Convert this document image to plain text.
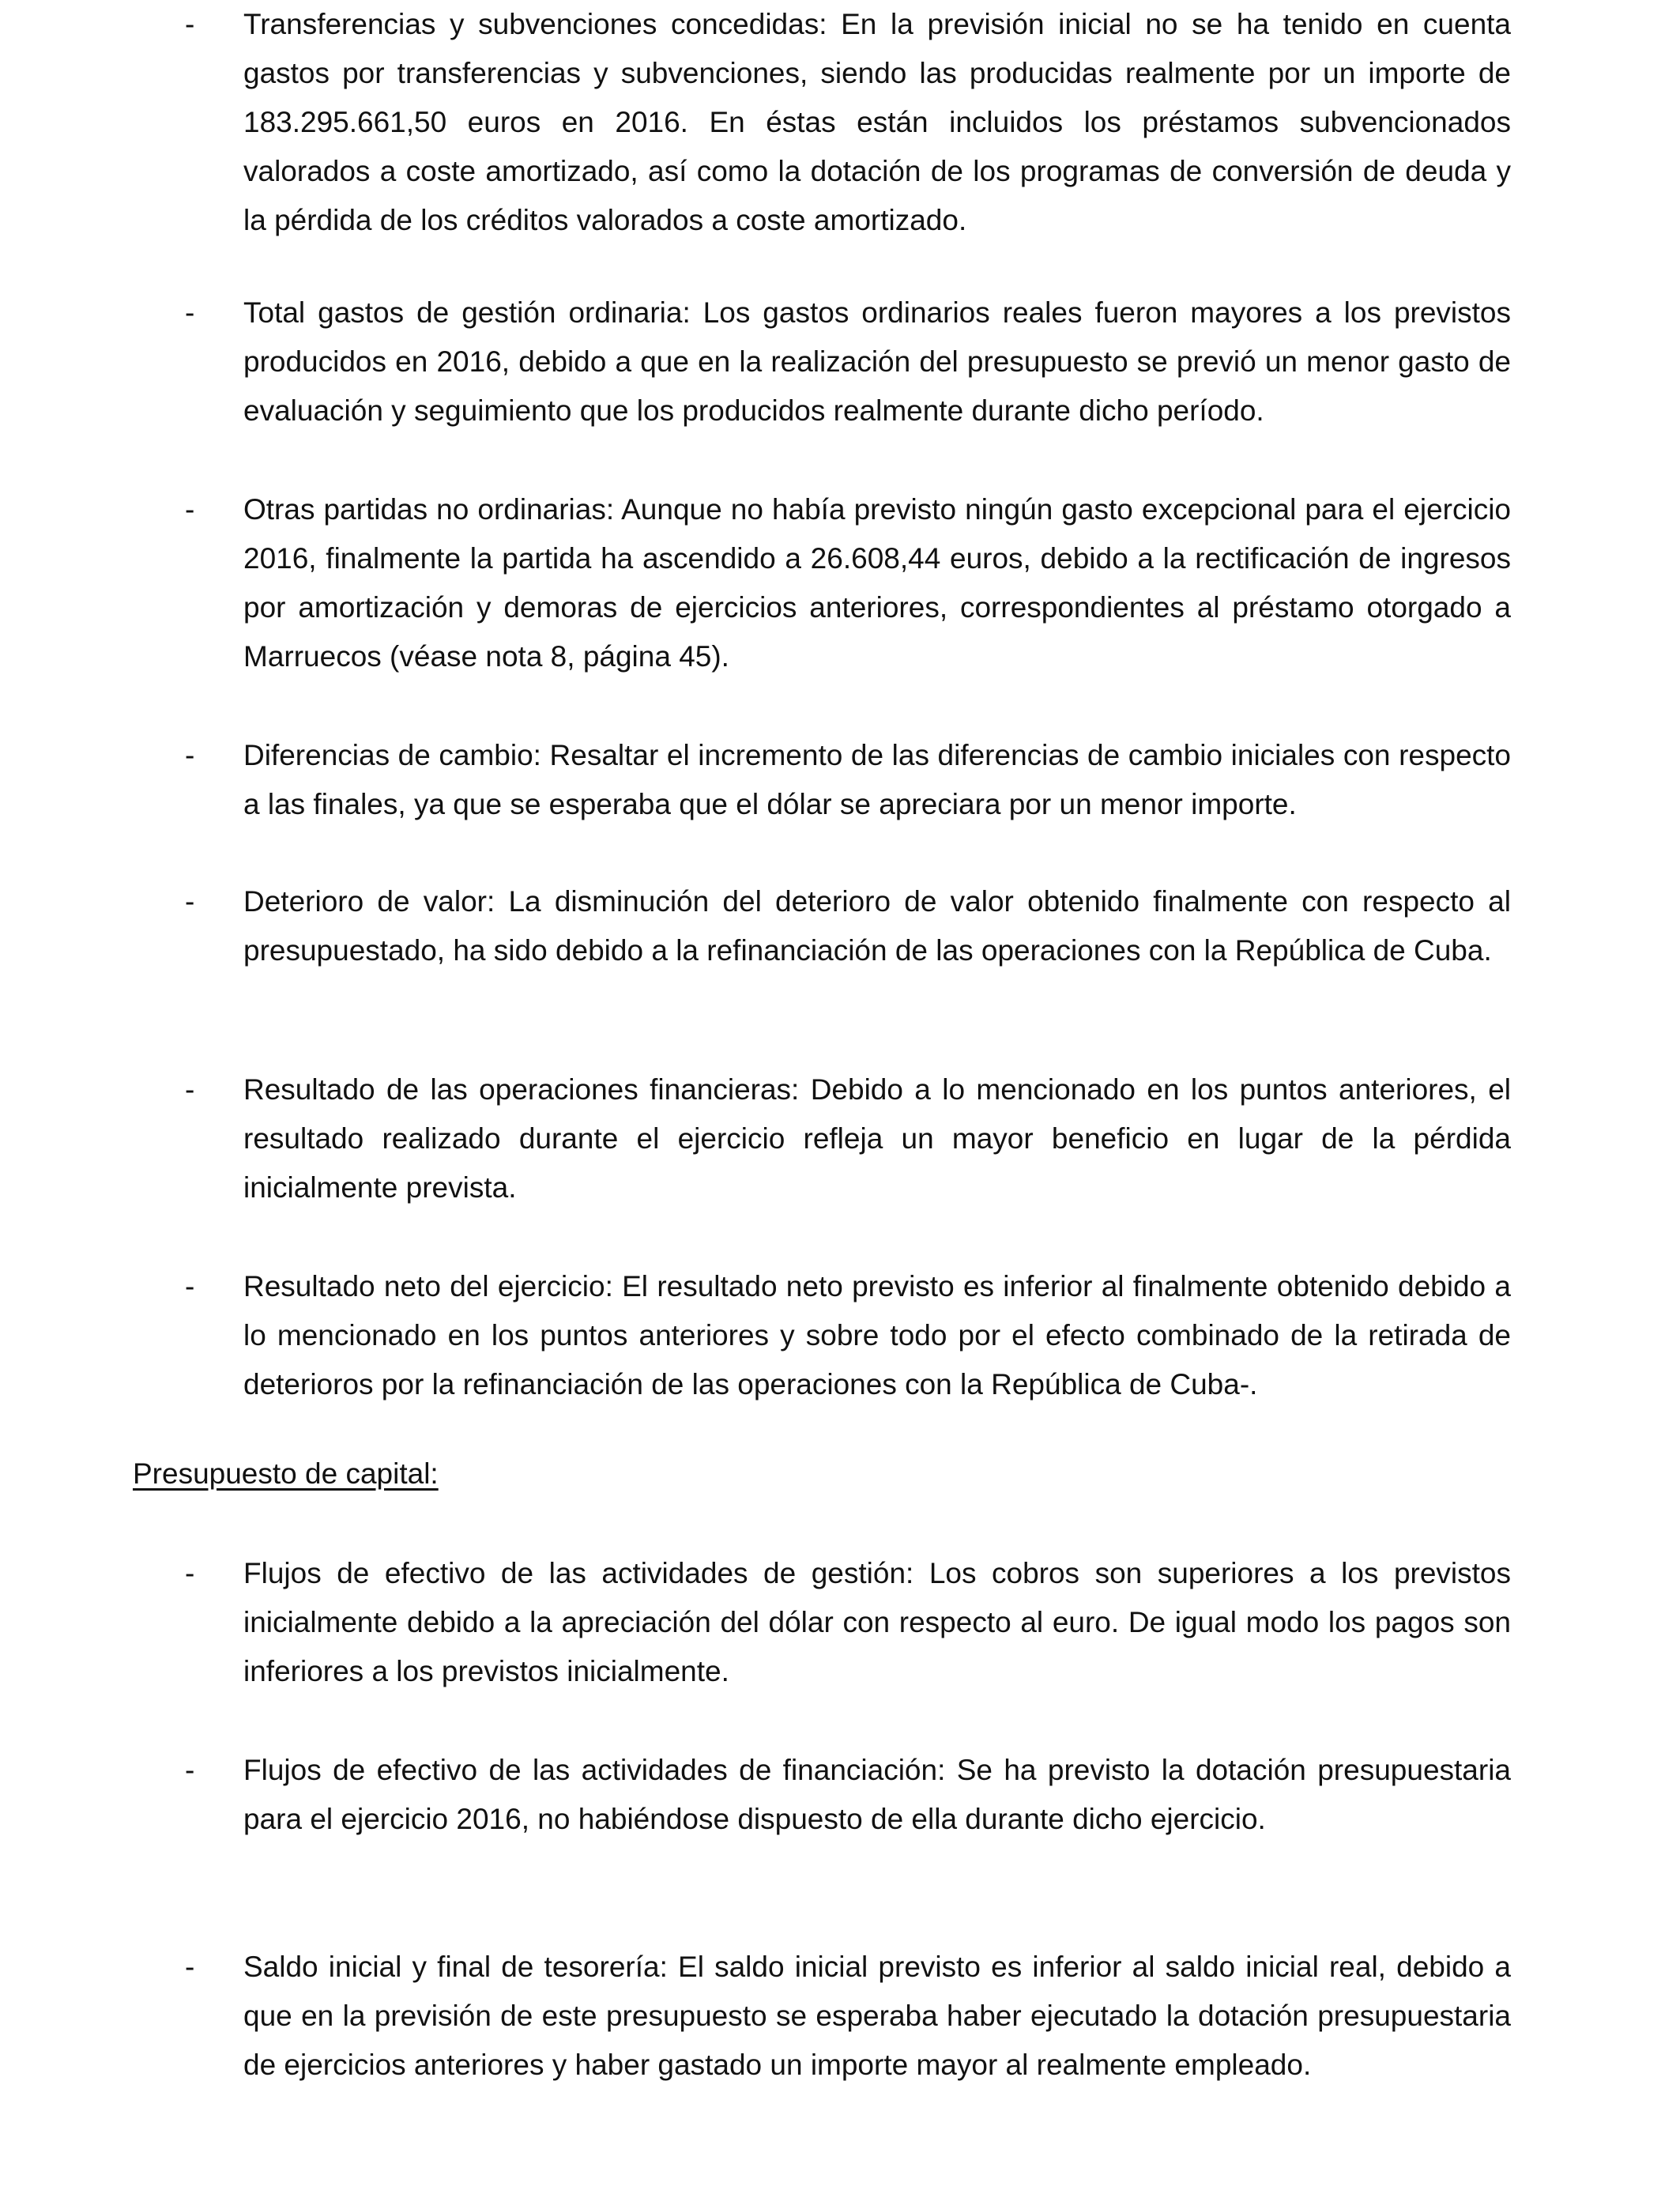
- Transferencias y subvenciones concedidas: En la previsión inicial no se ha tenido en cuenta gastos por transferencias y subvenciones, siendo las producidas realmente por un importe de 183.295.661,50 euros en 2016. En éstas están incluidos los préstamos subvencionados valorados a coste amortizado, así como la dotación de los programas de conversión de deuda y la pérdida de los créditos valorados a coste amortizado.
- Total gastos de gestión ordinaria: Los gastos ordinarios reales fueron mayores a los previstos producidos en 2016, debido a que en la realización del presupuesto se previó un menor gasto de evaluación y seguimiento que los producidos realmente durante dicho período.
- Otras partidas no ordinarias: Aunque no había previsto ningún gasto excepcional para el ejercicio 2016, finalmente la partida ha ascendido a 26.608,44 euros, debido a la rectificación de ingresos por amortización y demoras de ejercicios anteriores, correspondientes al préstamo otorgado a Marruecos (véase nota 8, página 45).
- Diferencias de cambio: Resaltar el incremento de las diferencias de cambio iniciales con respecto a las finales, ya que se esperaba que el dólar se apreciara por un menor importe.
- Deterioro de valor: La disminución del deterioro de valor obtenido finalmente con respecto al presupuestado, ha sido debido a la refinanciación de las operaciones con la República de Cuba.
- Resultado de las operaciones financieras: Debido a lo mencionado en los puntos anteriores, el resultado realizado durante el ejercicio refleja un mayor beneficio en lugar de la pérdida inicialmente prevista.
- Resultado neto del ejercicio: El resultado neto previsto es inferior al finalmente obtenido debido a lo mencionado en los puntos anteriores y sobre todo por el efecto combinado de la retirada de deterioros por la refinanciación de las operaciones con la República de Cuba-.
Presupuesto de capital:
- Flujos de efectivo de las actividades de gestión: Los cobros son superiores a los previstos inicialmente debido a la apreciación del dólar con respecto al euro. De igual modo los pagos son inferiores a los previstos inicialmente.
- Flujos de efectivo de las actividades de financiación: Se ha previsto la dotación presupuestaria para el ejercicio 2016, no habiéndose dispuesto de ella durante dicho ejercicio.
- Saldo inicial y final de tesorería: El saldo inicial previsto es inferior al saldo inicial real, debido a que en la previsión de este presupuesto se esperaba haber ejecutado la dotación presupuestaria de ejercicios anteriores y haber gastado un importe mayor al realmente empleado.
